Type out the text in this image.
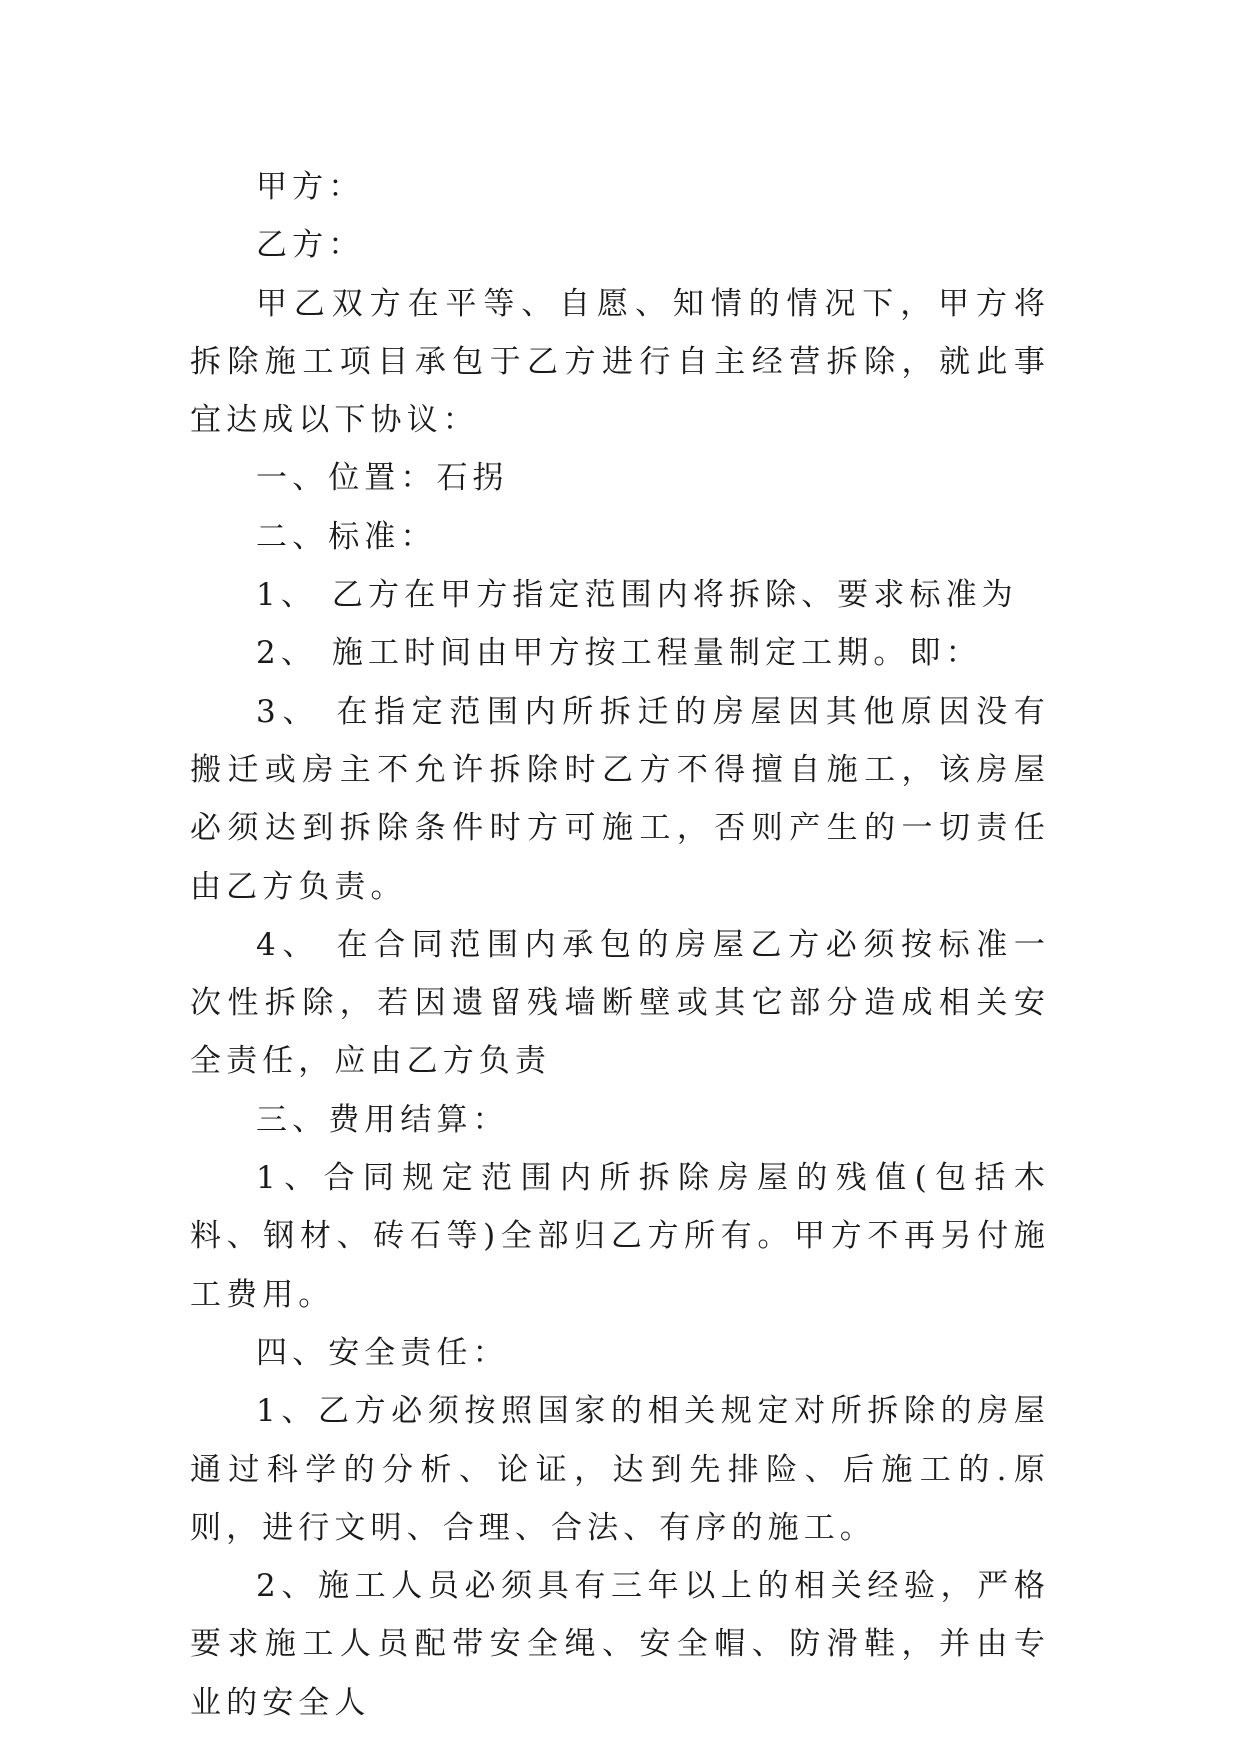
甲方：

乙方：

甲乙双方在平等、自愿、知情的情况下，甲方将 拆除施工项目承包于乙方进行自主经营拆除，就此事宜达成以下协议：

一、位置：石拐

二、标准：

1、 乙方在甲方指定范围内将拆除、要求标准为

2、 施工时间由甲方按工程量制定工期。即：

3、 在指定范围内所拆迁的房屋因其他原因没有搬迁或房主不允许拆除时乙方不得擅自施工，该房屋必须达到拆除条件时方可施工，否则产生的一切责任由乙方负责。

4、 在合同范围内承包的房屋乙方必须按标准一次性拆除，若因遗留残墙断壁或其它部分造成相关安全责任，应由乙方负责

三、费用结算：

1、合同规定范围内所拆除房屋的残值(包括木料、钢材、砖石等)全部归乙方所有。甲方不再另付施工费用。

四、安全责任：

1、乙方必须按照国家的相关规定对所拆除的房屋通过科学的分析、论证，达到先排险、后施工的.原则，进行文明、合理、合法、有序的施工。

2、施工人员必须具有三年以上的相关经验，严格要求施工人员配带安全绳、安全帽、防滑鞋，并由专业的安全人
